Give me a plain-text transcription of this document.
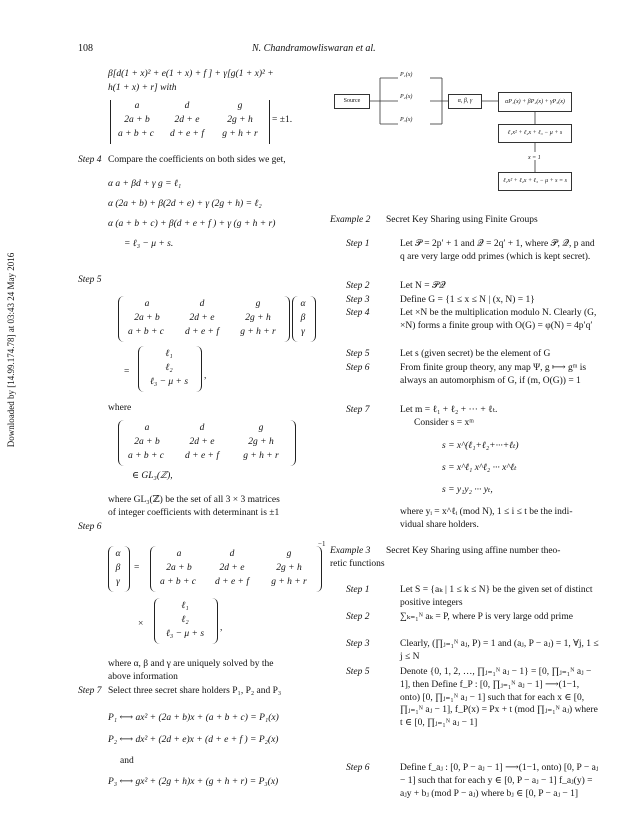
108	N. Chandramowliswaran et al.
Downloaded by [14.99.174.78] at 03:43 24 May 2016
β[d(1 + x)² + e(1 + x) + f ] + γ[g(1 + x)² +
h(1 + x) + r] with
a	d	g
2a + b	2d + e	2g + h
a + b + c	d + e + f	g + h + r
= ±1.
Step 4 Compare the coefficients on both sides we get,
α a + βd + γ g = ℓ₁
α (2a + b) + β(2d + e) + γ (2g + h) = ℓ₂
α (a + b + c) + β(d + e + f ) + γ (g + h + r)
= ℓ₃ − μ + s.
Step 5
a	d	g
2a + b	2d + e	2g + h
a + b + c	d + e + f	g + h + r
α
β
γ
=
ℓ₁
ℓ₂
ℓ₃ − μ + s
,
where
a	d	g
2a + b	2d + e	2g + h
a + b + c	d + e + f	g + h + r
∈ GL₃(ℤ),
where GL₃(ℤ) be the set of all 3 × 3 matrices
of integer coefficients with determinant is ±1
Step 6
α
β
γ
=
a	d	g
2a + b	2d + e	2g + h
a + b + c	d + e + f	g + h + r
−1
×
ℓ₁
ℓ₂
ℓ₃ − μ + s
,
where α, β and γ are uniquely solved by the
above information
Step 7 Select three secret share holders P₁, P₂ and P₃
P₁ ⟷ ax² + (2a + b)x + (a + b + c) = P₁(x)
P₂ ⟷ dx² + (2d + e)x + (d + e + f ) = P₂(x)
and
P₃ ⟷ gx² + (2g + h)x + (g + h + r) = P₃(x)
Source
P₁(x)
P₂(x)
P₃(x)
α, β, γ	αP₁(x) + βP₂(x) + γP₃(x)
ℓ₁x² + ℓ₂x + ℓ₃ − μ + s
x = 1
ℓ₁x² + ℓ₂x + ℓ₃ − μ + s = s
Example 2 Secret Key Sharing using Finite Groups
Step 1	Let 𝒫 = 2p′ + 1 and 𝒬 = 2q′ + 1, where 𝒫, 𝒬, p and q are very large odd primes (which is kept secret).
Step 2	Let N = 𝒫𝒬
Step 3	Define G = {1 ≤ x ≤ N | (x, N) = 1}
Step 4	Let ×N be the multiplication modulo N. Clearly (G, ×N) forms a finite group with O(G) = φ(N) = 4p′q′
Step 5	Let s (given secret) be the element of G
Step 6	From finite group theory, any map Ψ, g ⟼ gᵐ is always an automorphism of G, if (m, O(G)) = 1
Step 7	Let m = ℓ₁ + ℓ₂ + ··· + ℓₜ.
Consider s = xᵐ
s = x^(ℓ₁+ℓ₂+···+ℓₜ)
s = x^ℓ₁ x^ℓ₂ ··· x^ℓₜ
s = y₁y₂ ··· yₜ,
where yᵢ = x^ℓᵢ (mod N), 1 ≤ i ≤ t be the indi-
vidual share holders.
Example 3 Secret Key Sharing using affine number theo-
retic functions
Step 1	Let S = {aₖ | 1 ≤ k ≤ N} be the given set of distinct positive integers
Step 2	∑ₖ₌₁ᴺ aₖ = P, where P is very large odd prime
Step 3	Clearly, (∏ⱼ₌₁ᴺ aⱼ, P) = 1 and (aⱼ, P − aⱼ) = 1, ∀j, 1 ≤ j ≤ N
Step 5	Denote {0, 1, 2, …, ∏ⱼ₌₁ᴺ aⱼ − 1} = [0, ∏ⱼ₌₁ᴺ aⱼ − 1], then Define f_P : [0, ∏ⱼ₌₁ᴺ aⱼ − 1] ⟶(1−1, onto) [0, ∏ⱼ₌₁ᴺ aⱼ − 1] such that for each x ∈ [0, ∏ⱼ₌₁ᴺ aⱼ − 1], f_P(x) = Px + t (mod ∏ⱼ₌₁ᴺ aⱼ) where t ∈ [0, ∏ⱼ₌₁ᴺ aⱼ − 1]
Step 6	Define f_aⱼ : [0, P − aⱼ − 1] ⟶(1−1, onto) [0, P − aⱼ − 1] such that for each y ∈ [0, P − aⱼ − 1] f_aⱼ(y) = aⱼy + bⱼ (mod P − aⱼ) where bⱼ ∈ [0, P − aⱼ − 1]
